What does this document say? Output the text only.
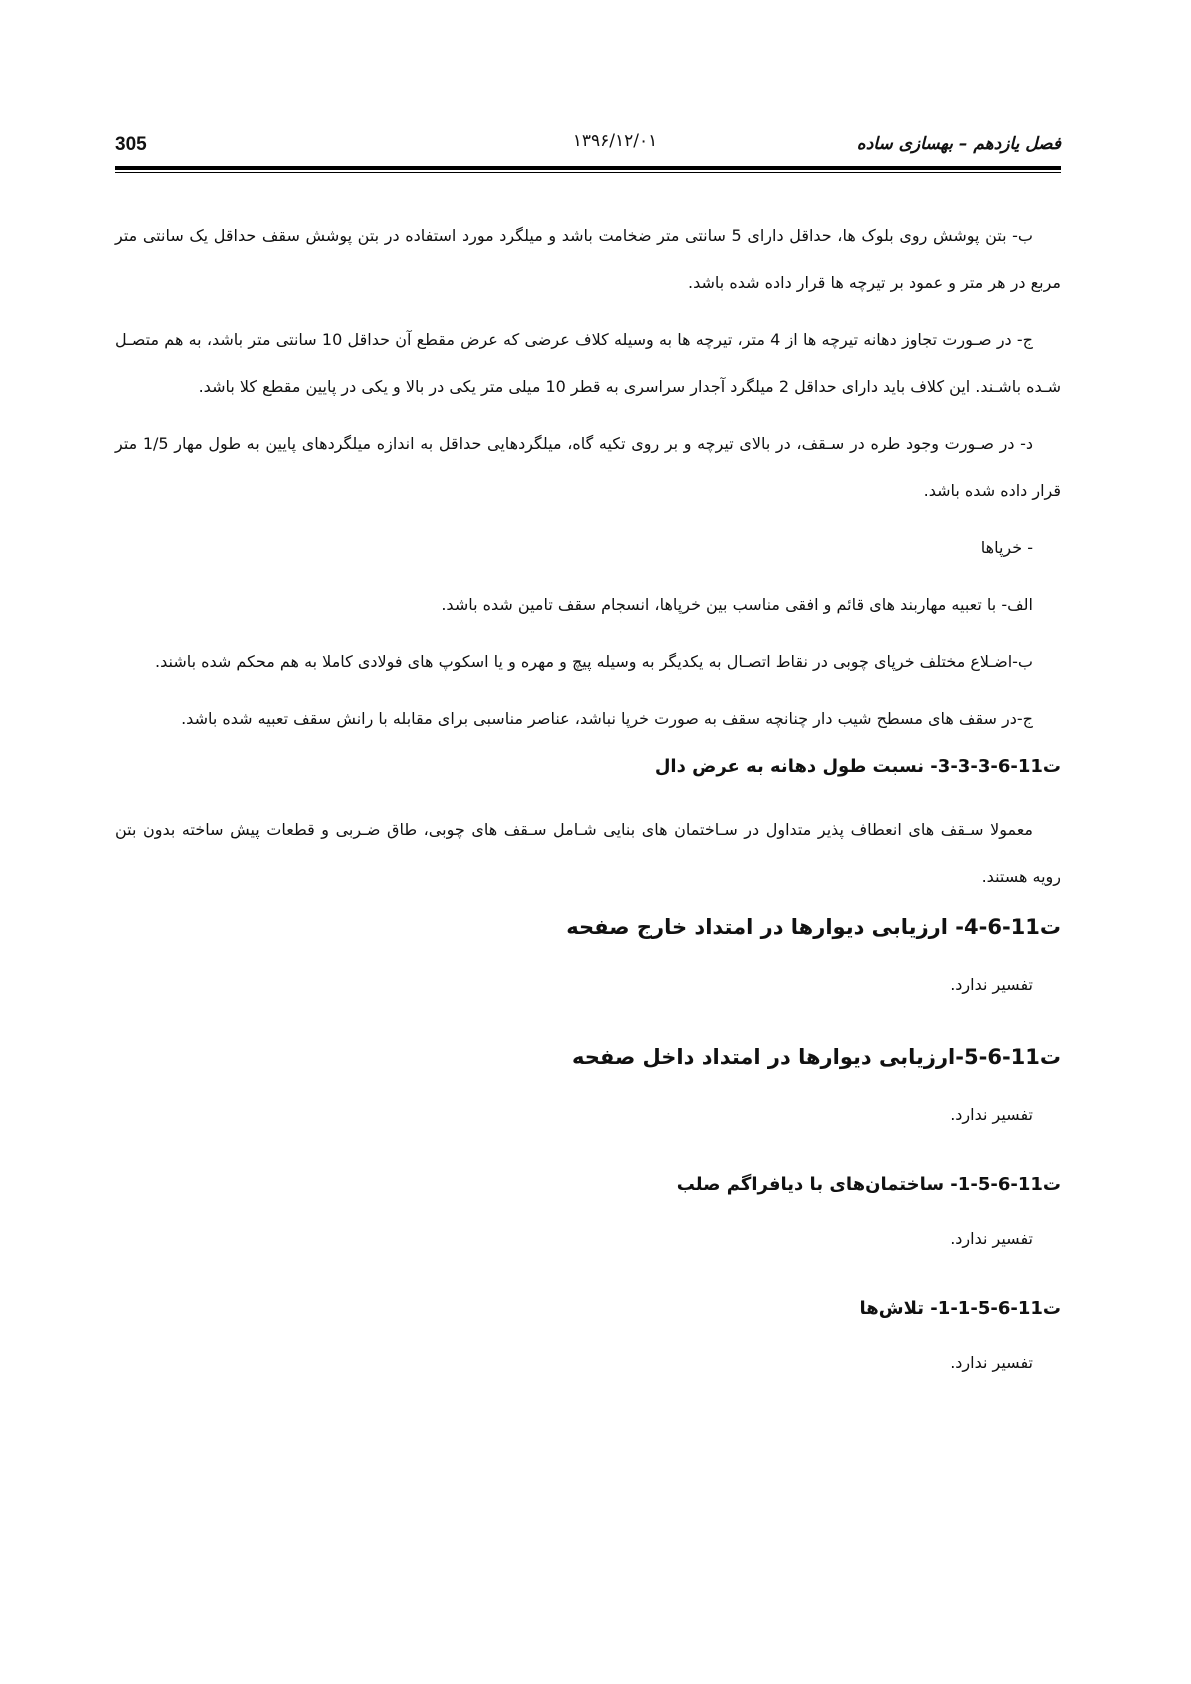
305	۱۳۹۶/۱۲/۰۱	فصل یازدهم – بهسازی ساده

ب- بتن پوشش روی بلوک ها، حداقل دارای 5 سانتی متر ضخامت باشد و میلگرد مورد استفاده در بتن پوشش سقف حداقل یک سانتی متر مربع در هر متر و عمود بر تیرچه ها قرار داده شده باشد.

ج- در صـورت تجاوز دهانه تیرچه ها از 4 متر، تیرچه ها به وسیله کلاف عرضی که عرض مقطع آن حداقل 10 سانتی متر باشد، به هم متصـل شـده باشـند. این کلاف باید دارای حداقل 2 میلگرد آجدار سراسری به قطر 10 میلی متر یکی در بالا و یکی در پایین مقطع کلا باشد.

د- در صـورت وجود طره در سـقف، در بالای تیرچه و بر روی تکیه گاه، میلگردهایی حداقل به اندازه میلگردهای پایین به طول مهار 1/5 متر قرار داده شده باشد.

- خرپاها

الف- با تعبیه مهاربند های قائم و افقی مناسب بین خرپاها، انسجام سقف تامین شده باشد.

ب-اضـلاع مختلف خرپای چوبی در نقاط اتصـال به یکدیگر به وسیله پیچ و مهره و یا اسکوپ های فولادی کاملا به هم محکم شده باشند.

ج-در سقف های مسطح شیب دار چنانچه سقف به صورت خرپا نباشد، عناصر مناسبی برای مقابله با رانش سقف تعبیه شده باشد.

ت11-6-3-3-3- نسبت طول دهانه به عرض دال

معمولا سـقف های انعطاف پذیر متداول در سـاختمان های بنایی شـامل سـقف های چوبی، طاق ضـربی و قطعات پیش ساخته بدون بتن رویه هستند.

ت11-6-4- ارزیابی دیوارها در امتداد خارج صفحه

تفسیر ندارد.

ت11-6-5-ارزیابی دیوارها در امتداد داخل صفحه

تفسیر ندارد.

ت11-6-5-1- ساختمان‌های با دیافراگم صلب

تفسیر ندارد.

ت11-6-5-1-1- تلاش‌ها

تفسیر ندارد.
